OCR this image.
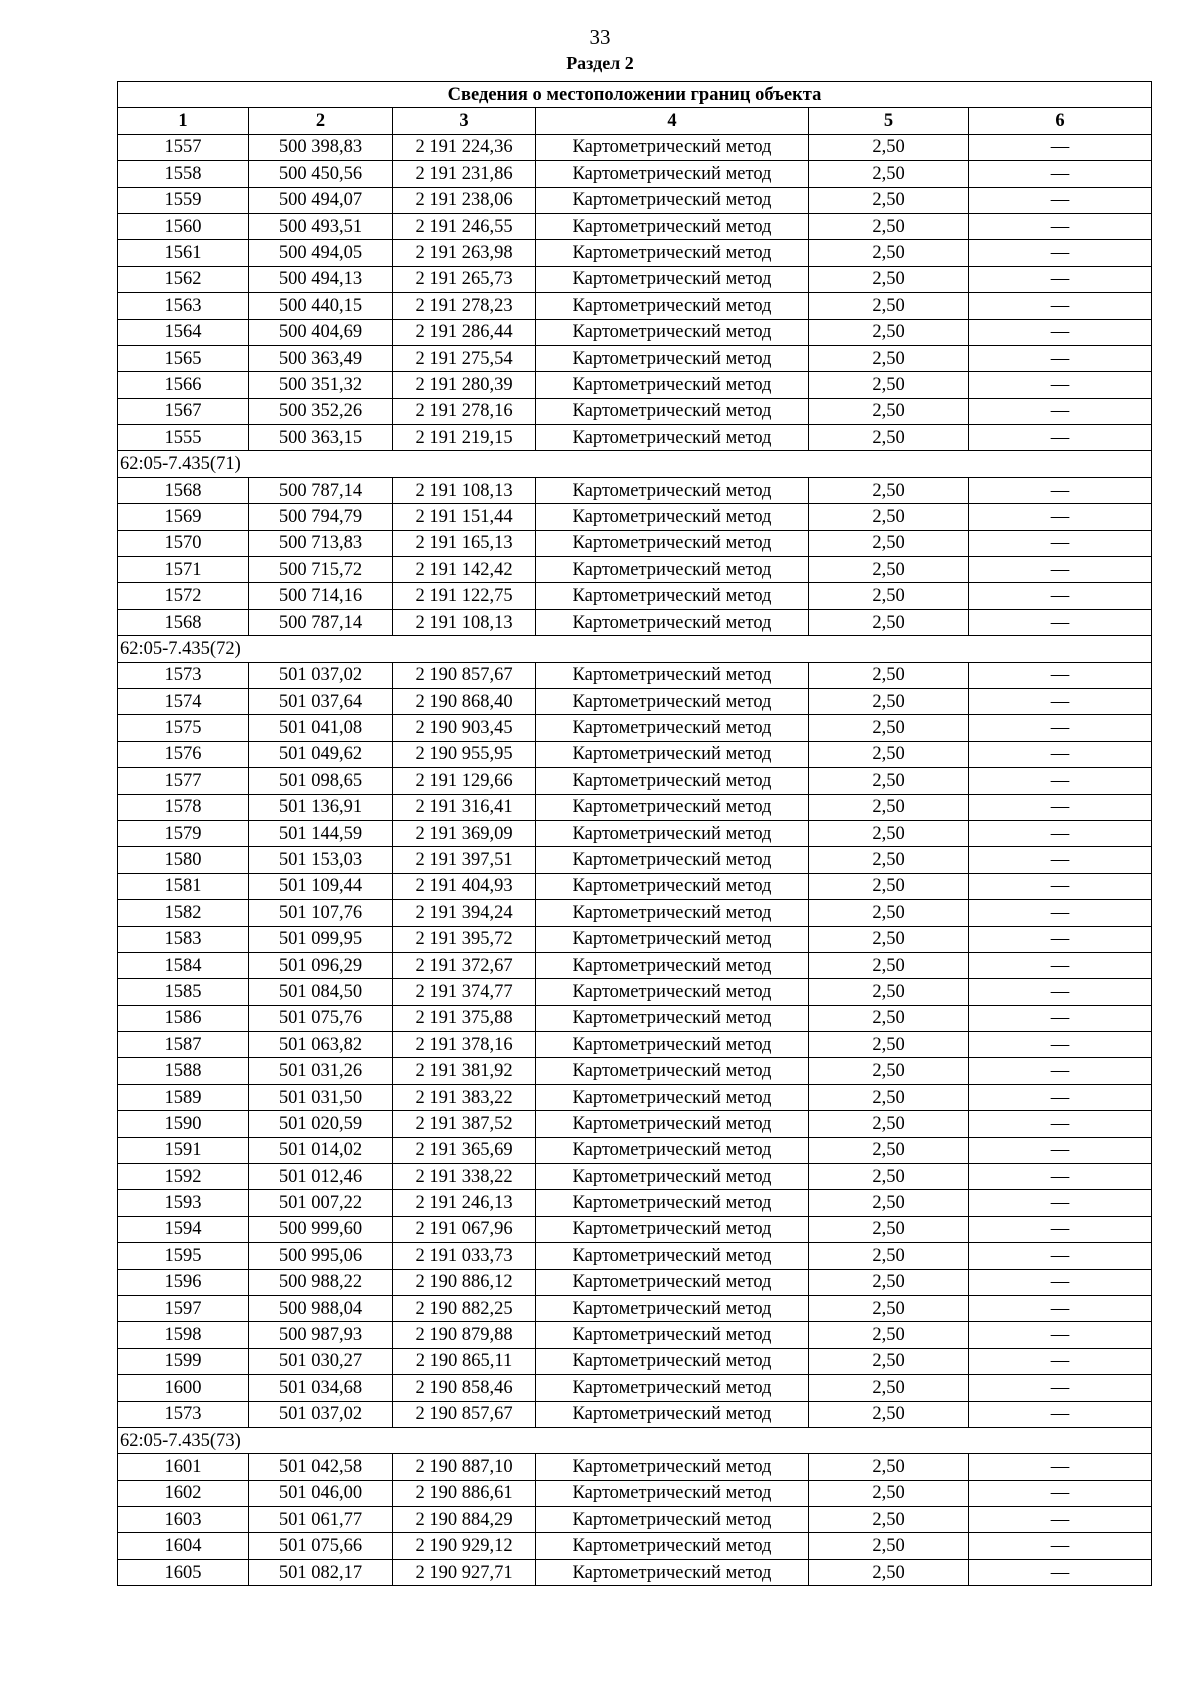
33
Раздел 2
Сведения о местоположении границ объекта					
1	2	3	4	5	6
1557	500 398,83	2 191 224,36	Картометрический метод	2,50	—
1558	500 450,56	2 191 231,86	Картометрический метод	2,50	—
1559	500 494,07	2 191 238,06	Картометрический метод	2,50	—
1560	500 493,51	2 191 246,55	Картометрический метод	2,50	—
1561	500 494,05	2 191 263,98	Картометрический метод	2,50	—
1562	500 494,13	2 191 265,73	Картометрический метод	2,50	—
1563	500 440,15	2 191 278,23	Картометрический метод	2,50	—
1564	500 404,69	2 191 286,44	Картометрический метод	2,50	—
1565	500 363,49	2 191 275,54	Картометрический метод	2,50	—
1566	500 351,32	2 191 280,39	Картометрический метод	2,50	—
1567	500 352,26	2 191 278,16	Картометрический метод	2,50	—
1555	500 363,15	2 191 219,15	Картометрический метод	2,50	—
62:05-7.435(71)					
1568	500 787,14	2 191 108,13	Картометрический метод	2,50	—
1569	500 794,79	2 191 151,44	Картометрический метод	2,50	—
1570	500 713,83	2 191 165,13	Картометрический метод	2,50	—
1571	500 715,72	2 191 142,42	Картометрический метод	2,50	—
1572	500 714,16	2 191 122,75	Картометрический метод	2,50	—
1568	500 787,14	2 191 108,13	Картометрический метод	2,50	—
62:05-7.435(72)					
1573	501 037,02	2 190 857,67	Картометрический метод	2,50	—
1574	501 037,64	2 190 868,40	Картометрический метод	2,50	—
1575	501 041,08	2 190 903,45	Картометрический метод	2,50	—
1576	501 049,62	2 190 955,95	Картометрический метод	2,50	—
1577	501 098,65	2 191 129,66	Картометрический метод	2,50	—
1578	501 136,91	2 191 316,41	Картометрический метод	2,50	—
1579	501 144,59	2 191 369,09	Картометрический метод	2,50	—
1580	501 153,03	2 191 397,51	Картометрический метод	2,50	—
1581	501 109,44	2 191 404,93	Картометрический метод	2,50	—
1582	501 107,76	2 191 394,24	Картометрический метод	2,50	—
1583	501 099,95	2 191 395,72	Картометрический метод	2,50	—
1584	501 096,29	2 191 372,67	Картометрический метод	2,50	—
1585	501 084,50	2 191 374,77	Картометрический метод	2,50	—
1586	501 075,76	2 191 375,88	Картометрический метод	2,50	—
1587	501 063,82	2 191 378,16	Картометрический метод	2,50	—
1588	501 031,26	2 191 381,92	Картометрический метод	2,50	—
1589	501 031,50	2 191 383,22	Картометрический метод	2,50	—
1590	501 020,59	2 191 387,52	Картометрический метод	2,50	—
1591	501 014,02	2 191 365,69	Картометрический метод	2,50	—
1592	501 012,46	2 191 338,22	Картометрический метод	2,50	—
1593	501 007,22	2 191 246,13	Картометрический метод	2,50	—
1594	500 999,60	2 191 067,96	Картометрический метод	2,50	—
1595	500 995,06	2 191 033,73	Картометрический метод	2,50	—
1596	500 988,22	2 190 886,12	Картометрический метод	2,50	—
1597	500 988,04	2 190 882,25	Картометрический метод	2,50	—
1598	500 987,93	2 190 879,88	Картометрический метод	2,50	—
1599	501 030,27	2 190 865,11	Картометрический метод	2,50	—
1600	501 034,68	2 190 858,46	Картометрический метод	2,50	—
1573	501 037,02	2 190 857,67	Картометрический метод	2,50	—
62:05-7.435(73)					
1601	501 042,58	2 190 887,10	Картометрический метод	2,50	—
1602	501 046,00	2 190 886,61	Картометрический метод	2,50	—
1603	501 061,77	2 190 884,29	Картометрический метод	2,50	—
1604	501 075,66	2 190 929,12	Картометрический метод	2,50	—
1605	501 082,17	2 190 927,71	Картометрический метод	2,50	—
